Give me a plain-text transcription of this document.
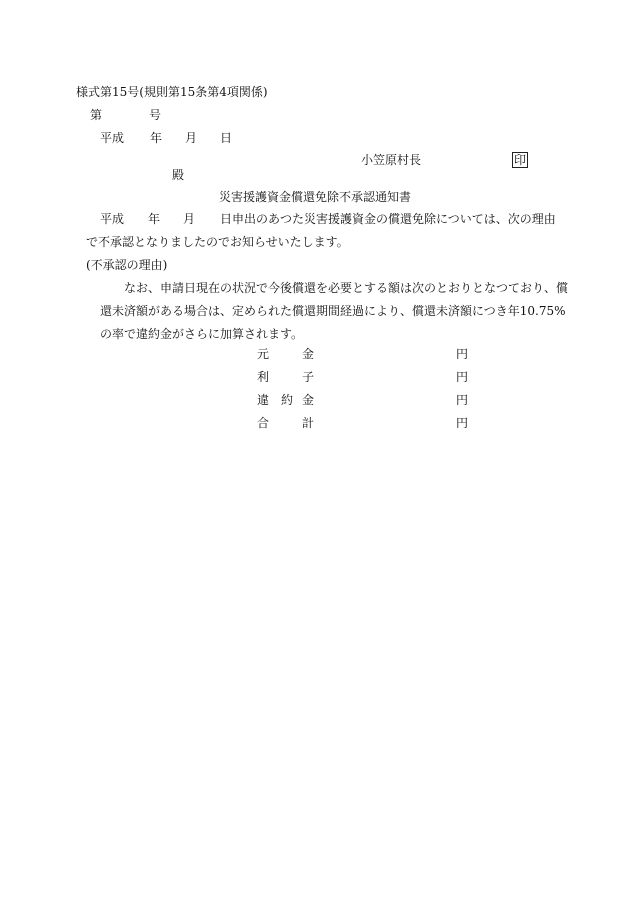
様式第15号(規則第15条第4項関係)
第	号
平成 年 月 日
小笠原村長	印
殿
災害援護資金償還免除不承認通知書
平成 年 月 日申出のあつた災害援護資金の償還免除については、次の理由
で不承認となりましたのでお知らせいたします。
(不承認の理由)
なお、申請日現在の状況で今後償還を必要とする額は次のとおりとなつており、償
還未済額がある場合は、定められた償還期間経過により、償還未済額につき年10.75%
の率で違約金がさらに加算されます。
元	金	円
利	子	円
違 約 金	円
合	計	円
